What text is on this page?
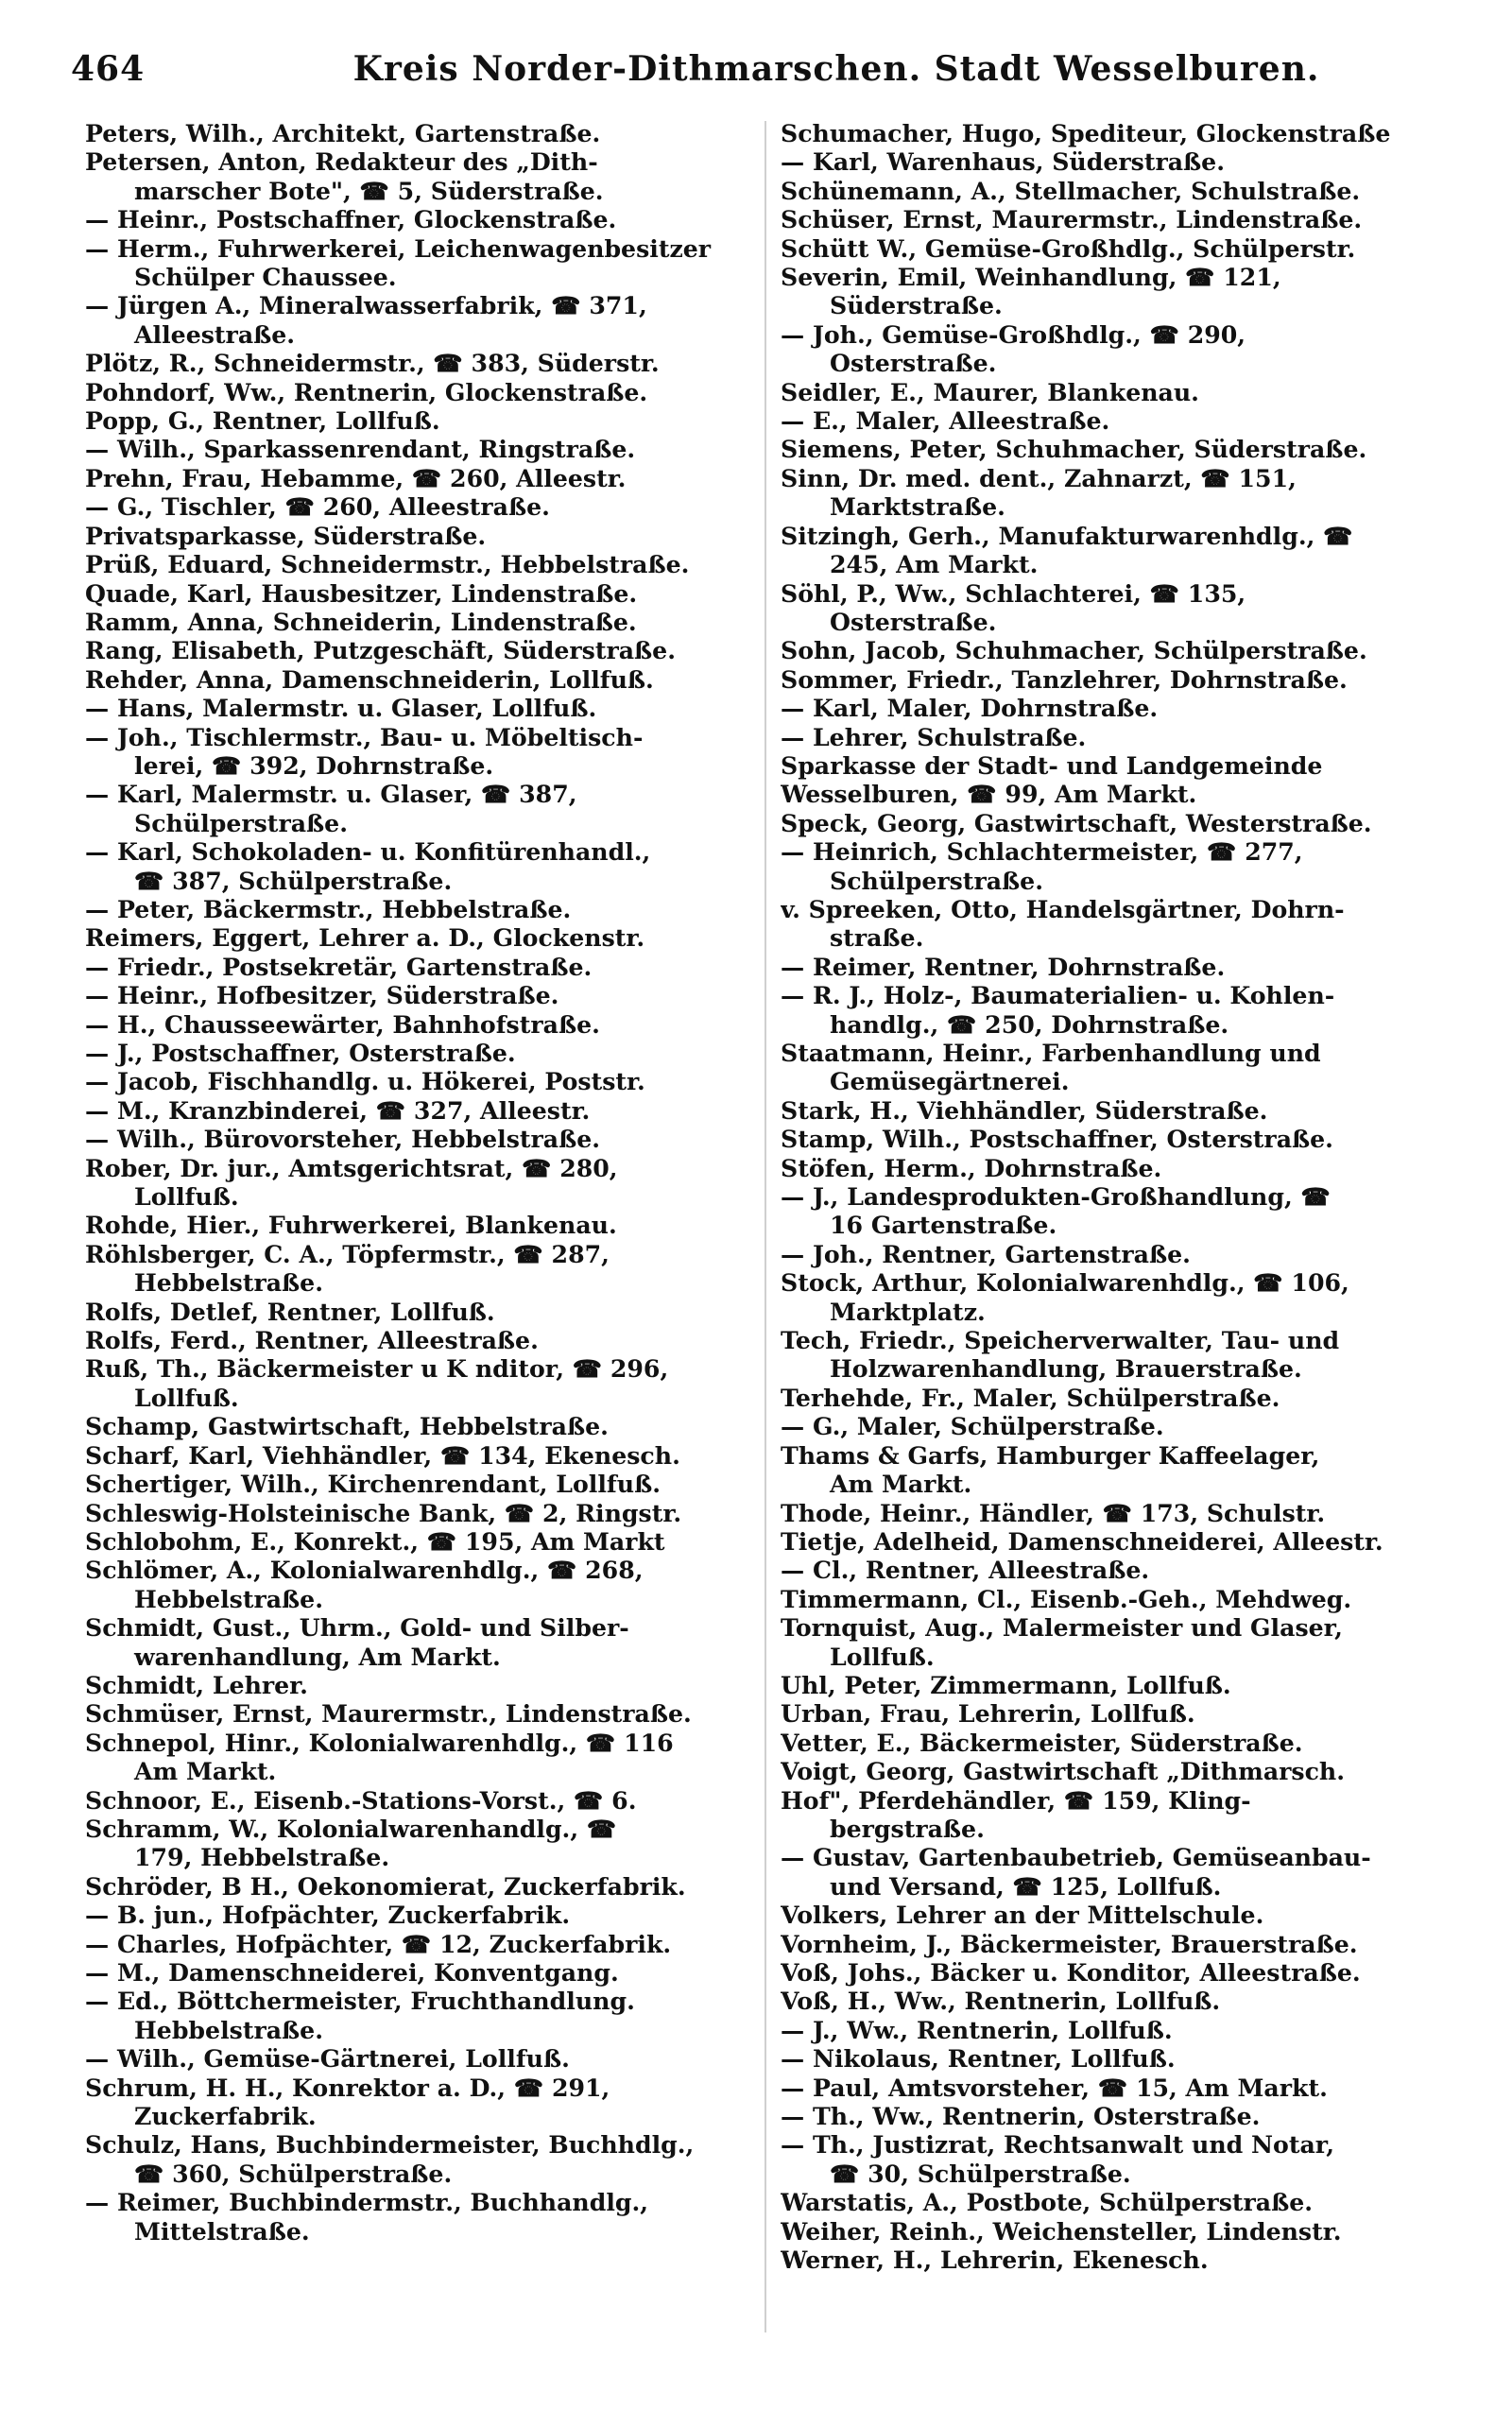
464	Kreis Norder-Dithmarschen. Stadt Wesselburen.
Peters, Wilh., Architekt, Gartenstraße.
Petersen, Anton, Redakteur des „Dith-
marscher Bote", ☎ 5, Süderstraße.
— Heinr., Postschaffner, Glockenstraße.
— Herm., Fuhrwerkerei, Leichenwagenbesitzer
Schülper Chaussee.
— Jürgen A., Mineralwasserfabrik, ☎ 371,
Alleestraße.
Plötz, R., Schneidermstr., ☎ 383, Süderstr.
Pohndorf, Ww., Rentnerin, Glockenstraße.
Popp, G., Rentner, Lollfuß.
— Wilh., Sparkassenrendant, Ringstraße.
Prehn, Frau, Hebamme, ☎ 260, Alleestr.
— G., Tischler, ☎ 260, Alleestraße.
Privatsparkasse, Süderstraße.
Prüß, Eduard, Schneidermstr., Hebbelstraße.
Quade, Karl, Hausbesitzer, Lindenstraße.
Ramm, Anna, Schneiderin, Lindenstraße.
Rang, Elisabeth, Putzgeschäft, Süderstraße.
Rehder, Anna, Damenschneiderin, Lollfuß.
— Hans, Malermstr. u. Glaser, Lollfuß.
— Joh., Tischlermstr., Bau- u. Möbeltisch-
lerei, ☎ 392, Dohrnstraße.
— Karl, Malermstr. u. Glaser, ☎ 387,
Schülperstraße.
— Karl, Schokoladen- u. Konfitürenhandl.,
☎ 387, Schülperstraße.
— Peter, Bäckermstr., Hebbelstraße.
Reimers, Eggert, Lehrer a. D., Glockenstr.
— Friedr., Postsekretär, Gartenstraße.
— Heinr., Hofbesitzer, Süderstraße.
— H., Chausseewärter, Bahnhofstraße.
— J., Postschaffner, Osterstraße.
— Jacob, Fischhandlg. u. Hökerei, Poststr.
— M., Kranzbinderei, ☎ 327, Alleestr.
— Wilh., Bürovorsteher, Hebbelstraße.
Rober, Dr. jur., Amtsgerichtsrat, ☎ 280,
Lollfuß.
Rohde, Hier., Fuhrwerkerei, Blankenau.
Röhlsberger, C. A., Töpfermstr., ☎ 287,
Hebbelstraße.
Rolfs, Detlef, Rentner, Lollfuß.
Rolfs, Ferd., Rentner, Alleestraße.
Ruß, Th., Bäckermeister u K nditor, ☎ 296,
Lollfuß.
Schamp, Gastwirtschaft, Hebbelstraße.
Scharf, Karl, Viehhändler, ☎ 134, Ekenesch.
Schertiger, Wilh., Kirchenrendant, Lollfuß.
Schleswig-Holsteinische Bank, ☎ 2, Ringstr.
Schlobohm, E., Konrekt., ☎ 195, Am Markt
Schlömer, A., Kolonialwarenhdlg., ☎ 268,
Hebbelstraße.
Schmidt, Gust., Uhrm., Gold- und Silber-
warenhandlung, Am Markt.
Schmidt, Lehrer.
Schmüser, Ernst, Maurermstr., Lindenstraße.
Schnepol, Hinr., Kolonialwarenhdlg., ☎ 116
Am Markt.
Schnoor, E., Eisenb.-Stations-Vorst., ☎ 6.
Schramm, W., Kolonialwarenhandlg., ☎
179, Hebbelstraße.
Schröder, B H., Oekonomierat, Zuckerfabrik.
— B. jun., Hofpächter, Zuckerfabrik.
— Charles, Hofpächter, ☎ 12, Zuckerfabrik.
— M., Damenschneiderei, Konventgang.
— Ed., Böttchermeister, Fruchthandlung.
Hebbelstraße.
— Wilh., Gemüse-Gärtnerei, Lollfuß.
Schrum, H. H., Konrektor a. D., ☎ 291,
Zuckerfabrik.
Schulz, Hans, Buchbindermeister, Buchhdlg.,
☎ 360, Schülperstraße.
— Reimer, Buchbindermstr., Buchhandlg.,
Mittelstraße.
Schumacher, Hugo, Spediteur, Glockenstraße
— Karl, Warenhaus, Süderstraße.
Schünemann, A., Stellmacher, Schulstraße.
Schüser, Ernst, Maurermstr., Lindenstraße.
Schütt W., Gemüse-Großhdlg., Schülperstr.
Severin, Emil, Weinhandlung, ☎ 121,
Süderstraße.
— Joh., Gemüse-Großhdlg., ☎ 290,
Osterstraße.
Seidler, E., Maurer, Blankenau.
— E., Maler, Alleestraße.
Siemens, Peter, Schuhmacher, Süderstraße.
Sinn, Dr. med. dent., Zahnarzt, ☎ 151,
Marktstraße.
Sitzingh, Gerh., Manufakturwarenhdlg., ☎
245, Am Markt.
Söhl, P., Ww., Schlachterei, ☎ 135,
Osterstraße.
Sohn, Jacob, Schuhmacher, Schülperstraße.
Sommer, Friedr., Tanzlehrer, Dohrnstraße.
— Karl, Maler, Dohrnstraße.
— Lehrer, Schulstraße.
Sparkasse der Stadt- und Landgemeinde
Wesselburen, ☎ 99, Am Markt.
Speck, Georg, Gastwirtschaft, Westerstraße.
— Heinrich, Schlachtermeister, ☎ 277,
Schülperstraße.
v. Spreeken, Otto, Handelsgärtner, Dohrn-
straße.
— Reimer, Rentner, Dohrnstraße.
— R. J., Holz-, Baumaterialien- u. Kohlen-
handlg., ☎ 250, Dohrnstraße.
Staatmann, Heinr., Farbenhandlung und
Gemüsegärtnerei.
Stark, H., Viehhändler, Süderstraße.
Stamp, Wilh., Postschaffner, Osterstraße.
Stöfen, Herm., Dohrnstraße.
— J., Landesprodukten-Großhandlung, ☎
16 Gartenstraße.
— Joh., Rentner, Gartenstraße.
Stock, Arthur, Kolonialwarenhdlg., ☎ 106,
Marktplatz.
Tech, Friedr., Speicherverwalter, Tau- und
Holzwarenhandlung, Brauerstraße.
Terhehde, Fr., Maler, Schülperstraße.
— G., Maler, Schülperstraße.
Thams & Garfs, Hamburger Kaffeelager,
Am Markt.
Thode, Heinr., Händler, ☎ 173, Schulstr.
Tietje, Adelheid, Damenschneiderei, Alleestr.
— Cl., Rentner, Alleestraße.
Timmermann, Cl., Eisenb.-Geh., Mehdweg.
Tornquist, Aug., Malermeister und Glaser,
Lollfuß.
Uhl, Peter, Zimmermann, Lollfuß.
Urban, Frau, Lehrerin, Lollfuß.
Vetter, E., Bäckermeister, Süderstraße.
Voigt, Georg, Gastwirtschaft „Dithmarsch.
Hof", Pferdehändler, ☎ 159, Kling-
bergstraße.
— Gustav, Gartenbaubetrieb, Gemüseanbau-
und Versand, ☎ 125, Lollfuß.
Volkers, Lehrer an der Mittelschule.
Vornheim, J., Bäckermeister, Brauerstraße.
Voß, Johs., Bäcker u. Konditor, Alleestraße.
Voß, H., Ww., Rentnerin, Lollfuß.
— J., Ww., Rentnerin, Lollfuß.
— Nikolaus, Rentner, Lollfuß.
— Paul, Amtsvorsteher, ☎ 15, Am Markt.
— Th., Ww., Rentnerin, Osterstraße.
— Th., Justizrat, Rechtsanwalt und Notar,
☎ 30, Schülperstraße.
Warstatis, A., Postbote, Schülperstraße.
Weiher, Reinh., Weichensteller, Lindenstr.
Werner, H., Lehrerin, Ekenesch.
